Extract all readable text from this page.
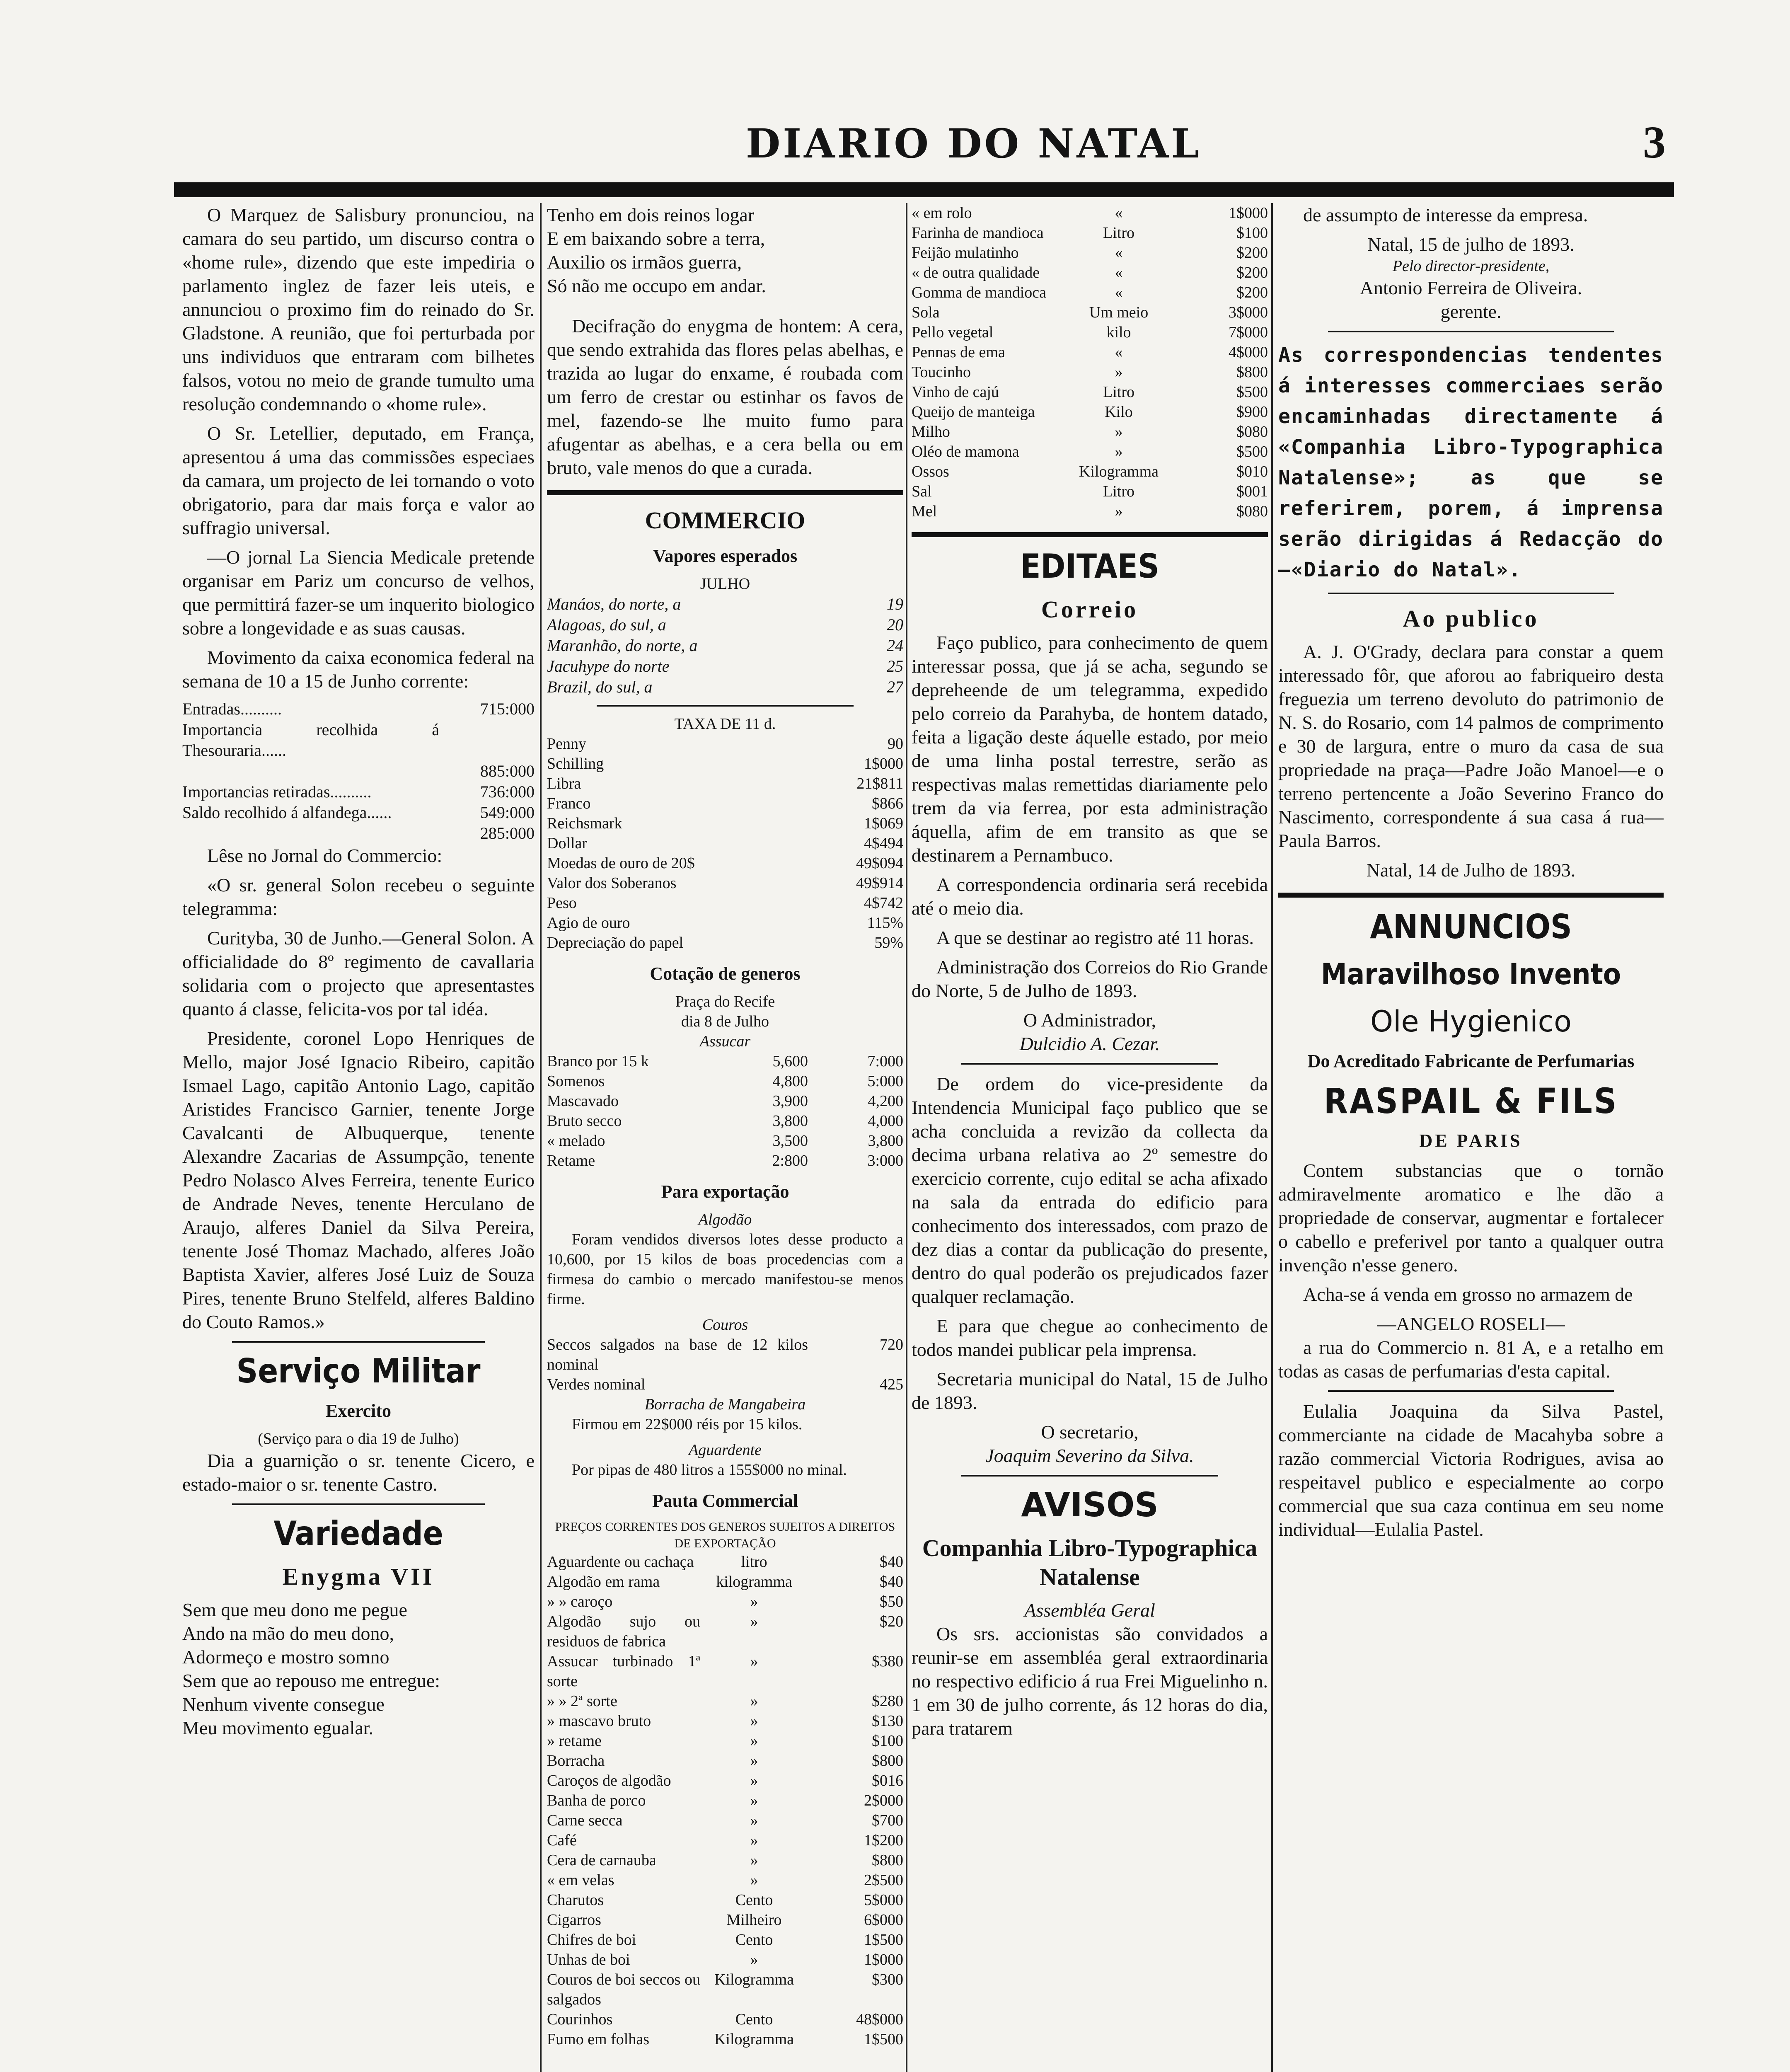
DIARIO DO NATAL	3

O Marquez de Salisbury pronunciou, na camara do seu partido, um discurso contra o «home rule», dizendo que este impediria o parlamento inglez de fazer leis uteis, e annunciou o proximo fim do reinado do Sr. Gladstone. A reunião, que foi perturbada por uns individuos que entraram com bilhetes falsos, votou no meio de grande tumulto uma resolução condemnando o «home rule».

O Sr. Letellier, deputado, em França, apresentou á uma das commissões especiaes da camara, um projecto de lei tornando o voto obrigatorio, para dar mais força e valor ao suffragio universal.

—O jornal La Siencia Medicale pretende organisar em Pariz um concurso de velhos, que permittirá fazer-se um inquerito biologico sobre a longevidade e as suas causas.

Movimento da caixa economica federal na semana de 10 a 15 de Junho corrente:

Entradas..........	715:000
Importancia recolhida á Thesouraria......
885:000
Importancias retiradas..........	736:000
Saldo recolhido á alfandega......	549:000
285:000

Lêse no Jornal do Commercio:

«O sr. general Solon recebeu o seguinte telegramma:

Curityba, 30 de Junho.—General Solon. A officialidade do 8º regimento de cavallaria solidaria com o projecto que apresentastes quanto á classe, felicita-vos por tal idéa.

Presidente, coronel Lopo Henriques de Mello, major José Ignacio Ribeiro, capitão Ismael Lago, capitão Antonio Lago, capitão Aristides Francisco Garnier, tenente Jorge Cavalcanti de Albuquerque, tenente Alexandre Zacarias de Assumpção, tenente Pedro Nolasco Alves Ferreira, tenente Eurico de Andrade Neves, tenente Herculano de Araujo, alferes Daniel da Silva Pereira, tenente José Thomaz Machado, alferes João Baptista Xavier, alferes José Luiz de Souza Pires, tenente Bruno Stelfeld, alferes Baldino do Couto Ramos.»

Serviço Militar
Exercito
(Serviço para o dia 19 de Julho)

Dia a guarnição o sr. tenente Cicero, e estado-maior o sr. tenente Castro.

Variedade
Enygma VII

Sem que meu dono me pegue

Ando na mão do meu dono,

Adormeço e mostro somno

Sem que ao repouso me entregue:

Nenhum vivente consegue

Meu movimento egualar.

Tenho em dois reinos logar

E em baixando sobre a terra,

Auxilio os irmãos guerra,

Só não me occupo em andar.

Decifração do enygma de hontem: A cera, que sendo extrahida das flores pelas abelhas, e trazida ao lugar do enxame, é roubada com um ferro de crestar ou estinhar os favos de mel, fazendo-se lhe muito fumo para afugentar as abelhas, e a cera bella ou em bruto, vale menos do que a curada.

COMMERCIO
Vapores esperados
JULHO
Manáos, do norte, a	19
Alagoas, do sul, a	20
Maranhão, do norte, a	24
Jacuhype do norte	25
Brazil, do sul, a	27
TAXA DE 11 d.
Penny	90
Schilling	1$000
Libra	21$811
Franco	$866
Reichsmark	1$069
Dollar	4$494
Moedas de ouro de 20$	49$094
Valor dos Soberanos	49$914
Peso	4$742
Agio de ouro	115%
Depreciação do papel	59%
Cotação de generos
Praça do Recife
dia 8 de Julho
Assucar
Branco por 15 k	5,600	7:000
Somenos	4,800	5:000
Mascavado	3,900	4,200
Bruto secco	3,800	4,000
« melado	3,500	3,800
Retame	2:800	3:000
Para exportação
Algodão

Foram vendidos diversos lotes desse producto a 10,600, por 15 kilos de boas procedencias com a firmesa do cambio o mercado manifestou-se menos firme.

Couros
Seccos salgados na base de 12 kilos nominal
720
Verdes nominal	425
Borracha de Mangabeira

Firmou em 22$000 réis por 15 kilos.

Aguardente

Por pipas de 480 litros a 155$000 no minal.

Pauta Commercial
PREÇOS CORRENTES DOS GENEROS SUJEITOS A DIREITOS DE EXPORTAÇÃO
Aguardente ou cachaça	litro	$40
Algodão em rama	kilogramma	$40
» » caroço	»	$50
Algodão sujo ou residuos de fabrica
»	$20
Assucar turbinado 1ª sorte
»	$380
» » 2ª sorte	»	$280
» mascavo bruto	»	$130
» retame	»	$100
Borracha	»	$800
Caroços de algodão	»	$016
Banha de porco	»	2$000
Carne secca	»	$700
Café	»	1$200
Cera de carnauba	»	$800
« em velas	»	2$500
Charutos	Cento	5$000
Cigarros	Milheiro	6$000
Chifres de boi	Cento	1$500
Unhas de boi	»	1$000
Couros de boi seccos ou salgados
Kilogramma	$300
Courinhos	Cento	48$000
Fumo em folhas	Kilogramma	1$500
« em rolo	«	1$000
Farinha de mandioca	Litro	$100
Feijão mulatinho	«	$200
« de outra qualidade	«	$200
Gomma de mandioca	«	$200
Sola	Um meio	3$000
Pello vegetal	kilo	7$000
Pennas de ema	«	4$000
Toucinho	»	$800
Vinho de cajú	Litro	$500
Queijo de manteiga	Kilo	$900
Milho	»	$080
Oléo de mamona	»	$500
Ossos	Kilogramma	$010
Sal	Litro	$001
Mel	»	$080
EDITAES
Correio

Faço publico, para conhecimento de quem interessar possa, que já se acha, segundo se depreheende de um telegramma, expedido pelo correio da Parahyba, de hontem datado, feita a ligação deste áquelle estado, por meio de uma linha postal terrestre, serão as respectivas malas remettidas diariamente pelo trem da via ferrea, por esta administração áquella, afim de em transito as que se destinarem a Pernambuco.

A correspondencia ordinaria será recebida até o meio dia.

A que se destinar ao registro até 11 horas.

Administração dos Correios do Rio Grande do Norte, 5 de Julho de 1893.

O Administrador,
Dulcidio A. Cezar.

De ordem do vice-presidente da Intendencia Municipal faço publico que se acha concluida a revizão da collecta da decima urbana relativa ao 2º semestre do exercicio corrente, cujo edital se acha afixado na sala da entrada do edificio para conhecimento dos interessados, com prazo de dez dias a contar da publicação do presente, dentro do qual poderão os prejudicados fazer qualquer reclamação.

E para que chegue ao conhecimento de todos mandei publicar pela imprensa.

Secretaria municipal do Natal, 15 de Julho de 1893.

O secretario,
Joaquim Severino da Silva.
AVISOS
Companhia Libro-Typographica Natalense
Assembléa Geral

Os srs. accionistas são convidados a reunir-se em assembléa geral extraordinaria no respectivo edificio á rua Frei Miguelinho n. 1 em 30 de julho corrente, ás 12 horas do dia, para tratarem

de assumpto de interesse da empresa.

Natal, 15 de julho de 1893.
Pelo director-presidente,
Antonio Ferreira de Oliveira.
gerente.
As correspondencias tendentes á interesses commerciaes serão encaminhadas directamente á «Companhia Libro-Typographica Natalense»; as que se referirem, porem, á imprensa serão dirigidas á Redacção do —«Diario do Natal».
Ao publico

A. J. O'Grady, declara para constar a quem interessado fôr, que aforou ao fabriqueiro desta freguezia um terreno devoluto do patrimonio de N. S. do Rosario, com 14 palmos de comprimento e 30 de largura, entre o muro da casa de sua propriedade na praça—Padre João Manoel—e o terreno pertencente a João Severino Franco do Nascimento, correspondente á sua casa á rua—Paula Barros.

Natal, 14 de Julho de 1893.
ANNUNCIOS
Maravilhoso Invento
Ole Hygienico
Do Acreditado Fabricante de Perfumarias
RASPAIL & FILS
DE PARIS

Contem substancias que o tornão admiravelmente aromatico e lhe dão a propriedade de conservar, augmentar e fortalecer o cabello e preferivel por tanto a qualquer outra invenção n'esse genero.

Acha-se á venda em grosso no armazem de

—ANGELO ROSELI—

a rua do Commercio n. 81 A, e a retalho em todas as casas de perfumarias d'esta capital.

Eulalia Joaquina da Silva Pastel, commerciante na cidade de Macahyba sobre a razão commercial Victoria Rodrigues, avisa ao respeitavel publico e especialmente ao corpo commercial que sua caza continua em seu nome individual—Eulalia Pastel.
